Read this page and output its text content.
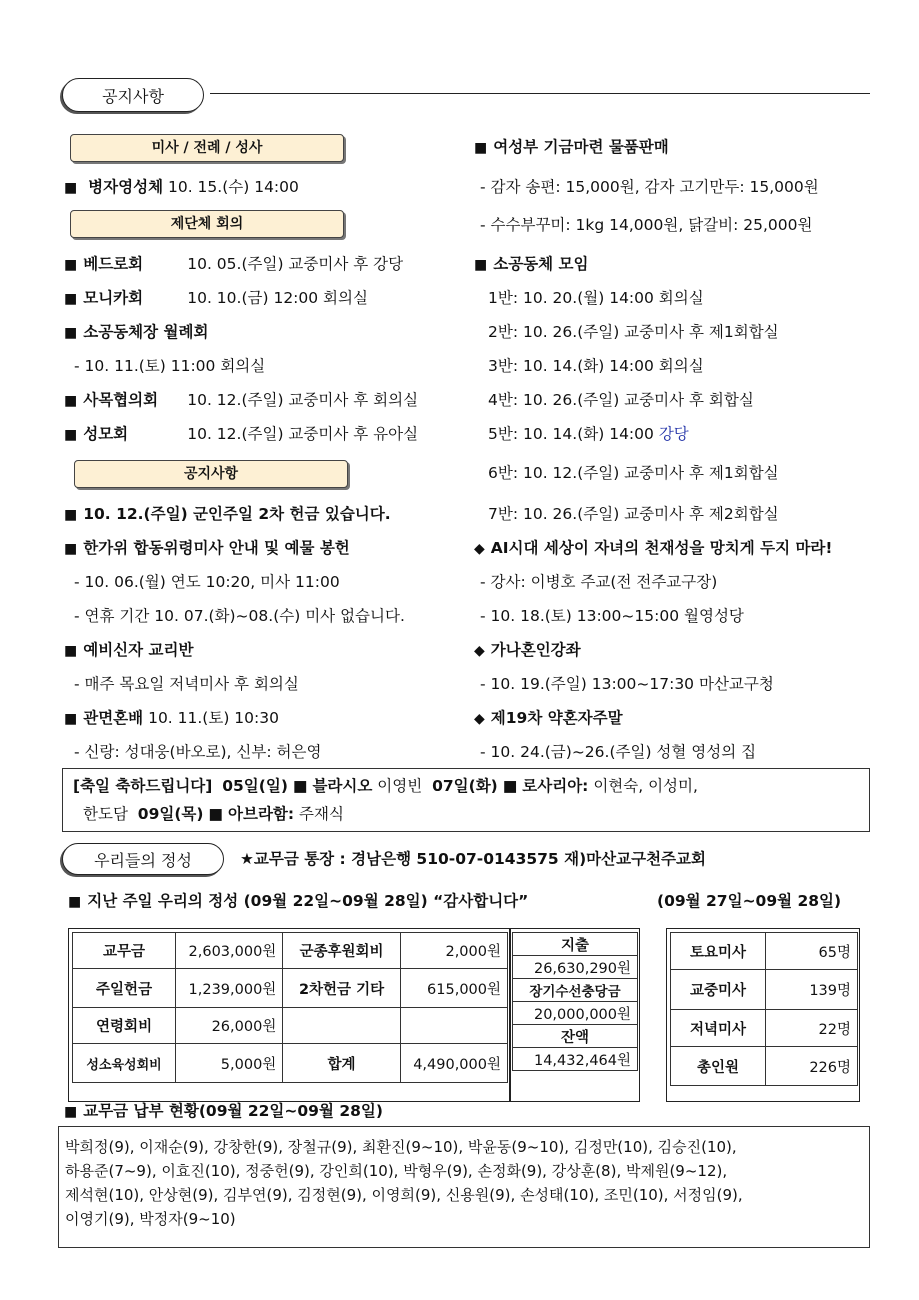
공지사항
미사 / 전례 / 성사
■ 병자영성체 10. 15.(수) 14:00
제단체 회의
■ 베드로회	10. 05.(주일) 교중미사 후 강당
■ 모니카회	10. 10.(금) 12:00 회의실
■ 소공동체장 월례회
- 10. 11.(토) 11:00 회의실
■ 사목협의회 10. 12.(주일) 교중미사 후 회의실
■ 성모회	10. 12.(주일) 교중미사 후 유아실
공지사항
■ 10. 12.(주일) 군인주일 2차 헌금 있습니다.
■ 한가위 합동위령미사 안내 및 예물 봉헌
- 10. 06.(월) 연도 10:20, 미사 11:00
- 연휴 기간 10. 07.(화)~08.(수) 미사 없습니다.
■ 예비신자 교리반
- 매주 목요일 저녁미사 후 회의실
■ 관면혼배 10. 11.(토) 10:30
- 신랑: 성대웅(바오로), 신부: 허은영
■ 여성부 기금마련 물품판매
- 감자 송편: 15,000원, 감자 고기만두: 15,000원
- 수수부꾸미: 1kg 14,000원, 닭갈비: 25,000원
■ 소공동체 모임
1반: 10. 20.(월) 14:00 회의실
2반: 10. 26.(주일) 교중미사 후 제1회합실
3반: 10. 14.(화) 14:00 회의실
4반: 10. 26.(주일) 교중미사 후 회합실
5반: 10. 14.(화) 14:00 강당
6반: 10. 12.(주일) 교중미사 후 제1회합실
7반: 10. 26.(주일) 교중미사 후 제2회합실
◆ AI시대 세상이 자녀의 천재성을 망치게 두지 마라!
- 강사: 이병호 주교(전 전주교구장)
- 10. 18.(토) 13:00~15:00 월영성당
◆ 가나혼인강좌
- 10. 19.(주일) 13:00~17:30 마산교구청
◆ 제19차 약혼자주말
- 10. 24.(금)~26.(주일) 성혈 영성의 집
[축일 축하드립니다] 05일(일) ■ 블라시오 이영빈 07일(화) ■ 로사리아: 이현숙, 이성미,
한도담 09일(목) ■ 아브라함: 주재식
우리들의 정성	★교무금 통장 : 경남은행 510-07-0143575 재)마산교구천주교회
■ 지난 주일 우리의 정성 (09월 22일~09월 28일) “감사합니다”	(09월 27일~09월 28일)
교무금	2,603,000원	군종후원회비	2,000원
주일헌금	1,239,000원	2차헌금 기타	615,000원
연령회비	26,000원		
성소육성회비	5,000원	합계	4,490,000원
지출
26,630,290원
장기수선충당금
20,000,000원
잔액
14,432,464원
토요미사	65명
교중미사	139명
저녁미사	22명
총인원	226명
■ 교무금 납부 현황(09월 22일~09월 28일)
박희정(9), 이재순(9), 강창한(9), 장철규(9), 최환진(9~10), 박윤동(9~10), 김정만(10), 김승진(10),
하용준(7~9), 이효진(10), 정중헌(9), 강인희(10), 박형우(9), 손정화(9), 강상훈(8), 박제원(9~12),
제석현(10), 안상현(9), 김부연(9), 김정현(9), 이영희(9), 신용원(9), 손성태(10), 조민(10), 서정임(9),
이영기(9), 박정자(9~10)
